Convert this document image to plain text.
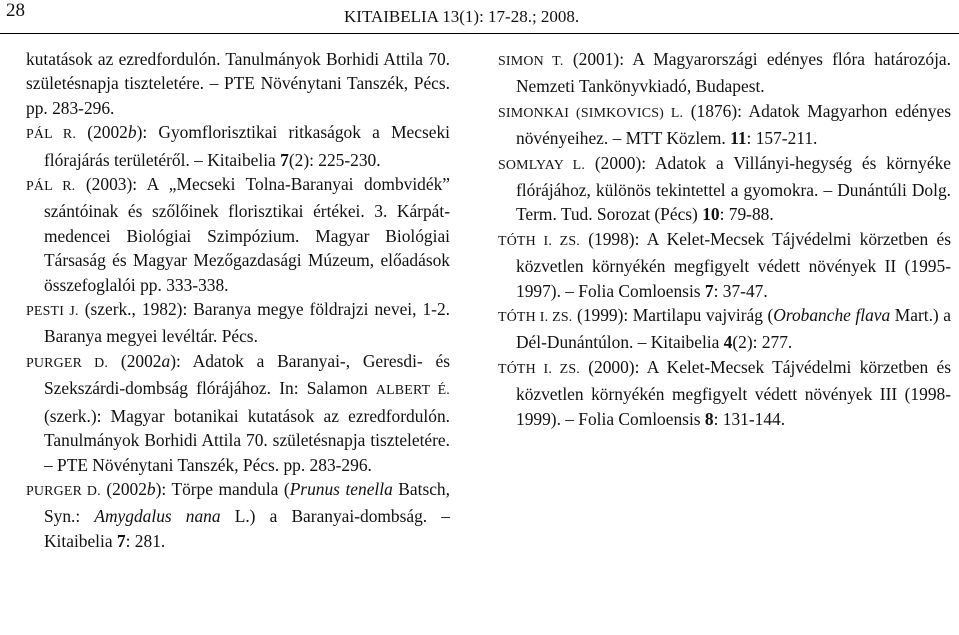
28	KITAIBELIA 13(1): 17-28.; 2008.
kutatások az ezredfordulón. Tanulmányok Borhidi Attila 70. születésnapja tiszteletére. – PTE Növénytani Tanszék, Pécs. pp. 283-296.
PÁL R. (2002b): Gyomflorisztikai ritkaságok a Mecseki flórajárás területéről. – Kitaibelia 7(2): 225-230.
PÁL R. (2003): A „Mecseki Tolna-Baranyai dombvidék” szántóinak és szőlőinek florisztikai értékei. 3. Kárpát-medencei Biológiai Szimpózium. Magyar Biológiai Társaság és Magyar Mezőgazdasági Múzeum, előadások összefoglalói pp. 333-338.
PESTI J. (szerk., 1982): Baranya megye földrajzi nevei, 1-2. Baranya megyei levéltár. Pécs.
PURGER D. (2002a): Adatok a Baranyai-, Geresdi- és Szekszárdi-dombság flórájához. In: Salamon ALBERT É. (szerk.): Magyar botanikai kutatások az ezredfordulón. Tanulmányok Borhidi Attila 70. születésnapja tiszteletére. – PTE Növénytani Tanszék, Pécs. pp. 283-296.
PURGER D. (2002b): Törpe mandula (Prunus tenella Batsch, Syn.: Amygdalus nana L.) a Baranyai-dombság. – Kitaibelia 7: 281.
SIMON T. (2001): A Magyarországi edényes flóra határozója. Nemzeti Tankönyvkiadó, Budapest.
SIMONKAI (SIMKOVICS) L. (1876): Adatok Magyarhon edényes növényeihez. – MTT Közlem. 11: 157-211.
SOMLYAY L. (2000): Adatok a Villányi-hegység és környéke flórájához, különös tekintettel a gyomokra. – Dunántúli Dolg. Term. Tud. Sorozat (Pécs) 10: 79-88.
TÓTH I. ZS. (1998): A Kelet-Mecsek Tájvédelmi körzetben és közvetlen környékén megfigyelt védett növények II (1995-1997). – Folia Comloensis 7: 37-47.
TÓTH I. ZS. (1999): Martilapu vajvirág (Orobanche flava Mart.) a Dél-Dunántúlon. – Kitaibelia 4(2): 277.
TÓTH I. ZS. (2000): A Kelet-Mecsek Tájvédelmi körzetben és közvetlen környékén megfigyelt védett növények III (1998-1999). – Folia Comloensis 8: 131-144.
